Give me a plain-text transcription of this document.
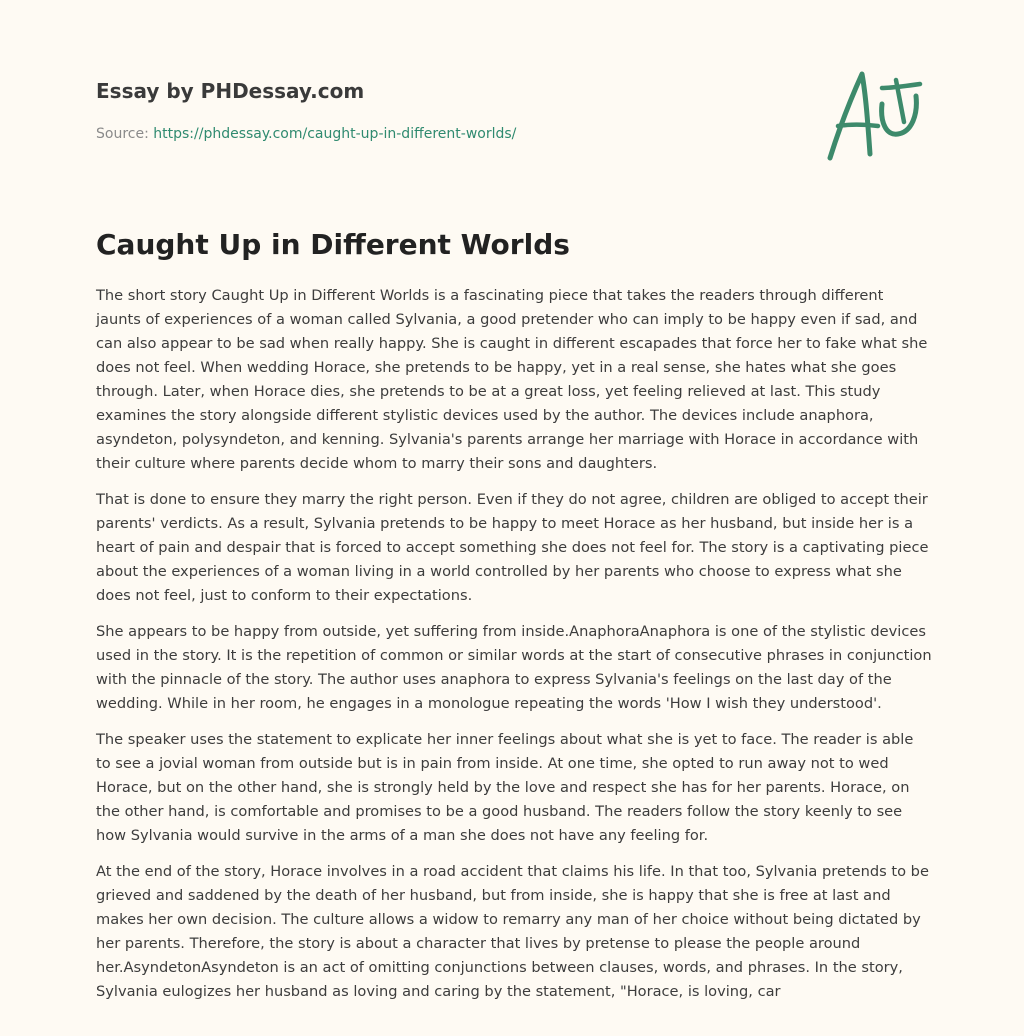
Essay by PHDessay.com
Source: https://phdessay.com/caught-up-in-different-worlds/
Caught Up in Different Worlds

The short story Caught Up in Different Worlds is a fascinating piece that takes the readers through different jaunts of experiences of a woman called Sylvania, a good pretender who can imply to be happy even if sad, and can also appear to be sad when really happy. She is caught in different escapades that force her to fake what she does not feel. When wedding Horace, she pretends to be happy, yet in a real sense, she hates what she goes through. Later, when Horace dies, she pretends to be at a great loss, yet feeling relieved at last. This study examines the story alongside different stylistic devices used by the author. The devices include anaphora, asyndeton, polysyndeton, and kenning. Sylvania's parents arrange her marriage with Horace in accordance with their culture where parents decide whom to marry their sons and daughters.

That is done to ensure they marry the right person. Even if they do not agree, children are obliged to accept their parents' verdicts. As a result, Sylvania pretends to be happy to meet Horace as her husband, but inside her is a heart of pain and despair that is forced to accept something she does not feel for. The story is a captivating piece about the experiences of a woman living in a world controlled by her parents who choose to express what she does not feel, just to conform to their expectations.

She appears to be happy from outside, yet suffering from inside.AnaphoraAnaphora is one of the stylistic devices used in the story. It is the repetition of common or similar words at the start of consecutive phrases in conjunction with the pinnacle of the story. The author uses anaphora to express Sylvania's feelings on the last day of the wedding. While in her room, he engages in a monologue repeating the words 'How I wish they understood'.

The speaker uses the statement to explicate her inner feelings about what she is yet to face. The reader is able to see a jovial woman from outside but is in pain from inside. At one time, she opted to run away not to wed Horace, but on the other hand, she is strongly held by the love and respect she has for her parents. Horace, on the other hand, is comfortable and promises to be a good husband. The readers follow the story keenly to see how Sylvania would survive in the arms of a man she does not have any feeling for.

At the end of the story, Horace involves in a road accident that claims his life. In that too, Sylvania pretends to be grieved and saddened by the death of her husband, but from inside, she is happy that she is free at last and makes her own decision. The culture allows a widow to remarry any man of her choice without being dictated by her parents. Therefore, the story is about a character that lives by pretense to please the people around her.AsyndetonAsyndeton is an act of omitting conjunctions between clauses, words, and phrases. In the story, Sylvania eulogizes her husband as loving and caring by the statement, "Horace, is loving, car
